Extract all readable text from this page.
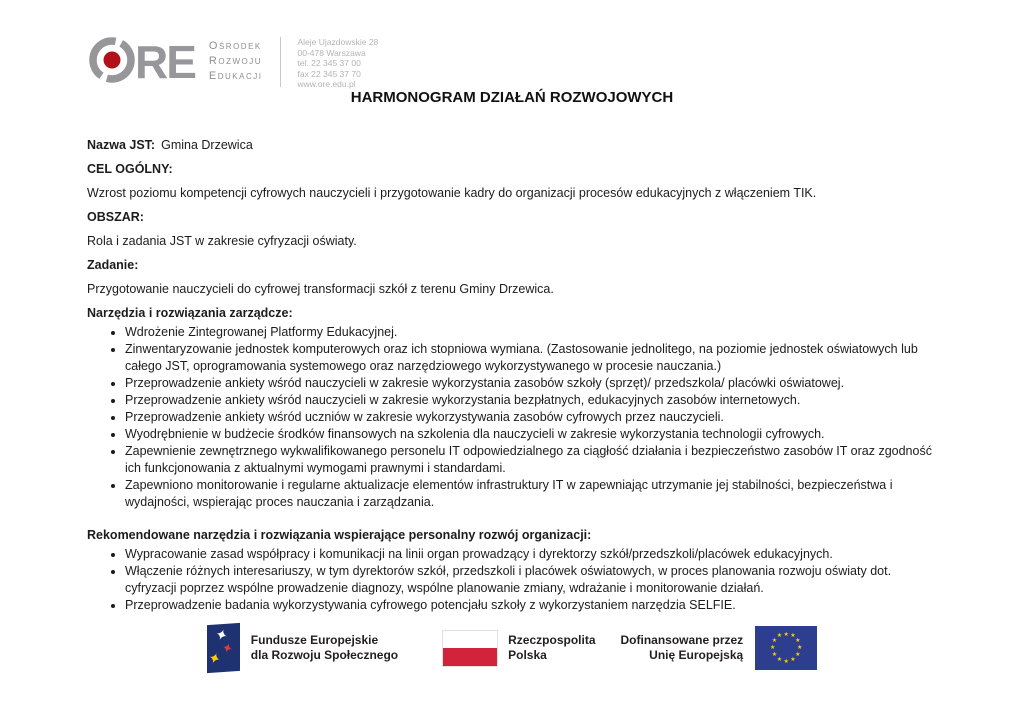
RE Ośrodek
Rozwoju
Edukacji
Aleje Ujazdowskie 28
00-478 Warszawa
tel. 22 345 37 00
fax 22 345 37 70
www.ore.edu.pl
HARMONOGRAM DZIAŁAŃ ROZWOJOWYCH

Nazwa JST: Gmina Drzewica

CEL OGÓLNY:

Wzrost poziomu kompetencji cyfrowych nauczycieli i przygotowanie kadry do organizacji procesów edukacyjnych z włączeniem TIK.

OBSZAR:

Rola i zadania JST w zakresie cyfryzacji oświaty.

Zadanie:

Przygotowanie nauczycieli do cyfrowej transformacji szkół z terenu Gminy Drzewica.

Narzędzia i rozwiązania zarządcze:

• Wdrożenie Zintegrowanej Platformy Edukacyjnej.
• Zinwentaryzowanie jednostek komputerowych oraz ich stopniowa wymiana. (Zastosowanie jednolitego, na poziomie jednostek oświatowych lub całego JST, oprogramowania systemowego oraz narzędziowego wykorzystywanego w procesie nauczania.)
• Przeprowadzenie ankiety wśród nauczycieli w zakresie wykorzystania zasobów szkoły (sprzęt)/ przedszkola/ placówki oświatowej.
• Przeprowadzenie ankiety wśród nauczycieli w zakresie wykorzystania bezpłatnych, edukacyjnych zasobów internetowych.
• Przeprowadzenie ankiety wśród uczniów w zakresie wykorzystywania zasobów cyfrowych przez nauczycieli.
• Wyodrębnienie w budżecie środków finansowych na szkolenia dla nauczycieli w zakresie wykorzystania technologii cyfrowych.
• Zapewnienie zewnętrznego wykwalifikowanego personelu IT odpowiedzialnego za ciągłość działania i bezpieczeństwo zasobów IT oraz zgodność ich funkcjonowania z aktualnymi wymogami prawnymi i standardami.
• Zapewniono monitorowanie i regularne aktualizacje elementów infrastruktury IT w zapewniając utrzymanie jej stabilności, bezpieczeństwa i wydajności, wspierając proces nauczania i zarządzania.

Rekomendowane narzędzia i rozwiązania wspierające personalny rozwój organizacji:

• Wypracowanie zasad współpracy i komunikacji na linii organ prowadzący i dyrektorzy szkół/przedszkoli/placówek edukacyjnych.
• Włączenie różnych interesariuszy, w tym dyrektorów szkół, przedszkoli i placówek oświatowych, w proces planowania rozwoju oświaty dot. cyfryzacji poprzez wspólne prowadzenie diagnozy, wspólne planowanie zmiany, wdrażanie i monitorowanie działań.
• Przeprowadzenie badania wykorzystywania cyfrowego potencjału szkoły z wykorzystaniem narzędzia SELFIE.
✦
✦
✦
Fundusze Europejskie
dla Rozwoju Społecznego
Rzeczpospolita
Polska
Dofinansowane przez
Unię Europejską
★ ★
★
★
★
★
★
★
★
★
★
★
